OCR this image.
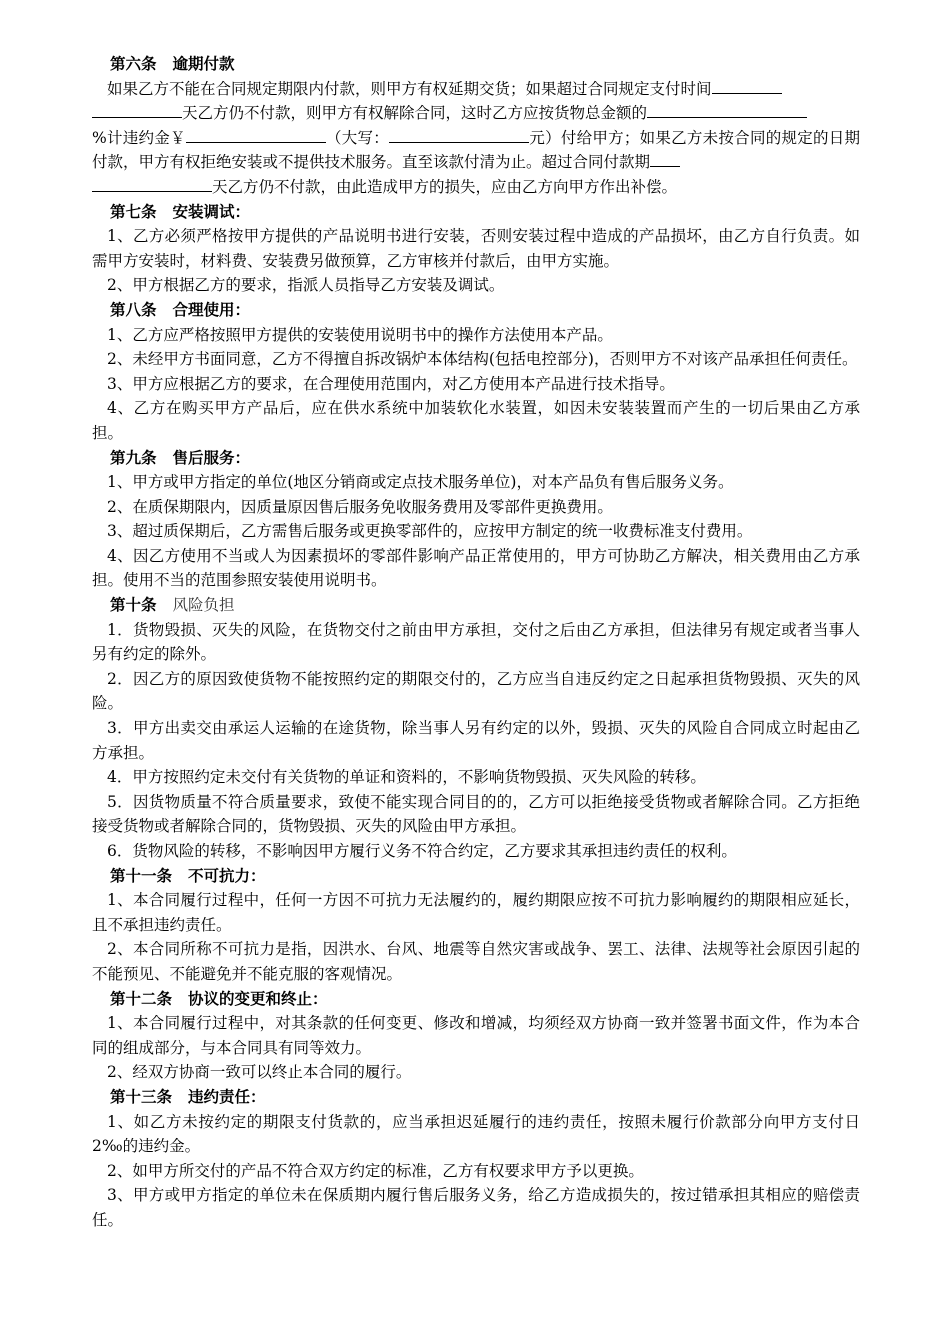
第六条 逾期付款
如果乙方不能在合同规定期限内付款，则甲方有权延期交货；如果超过合同规定支付时间
天乙方仍不付款，则甲方有权解除合同，这时乙方应按货物总金额的
%计违约金￥	（大写：	元）付给甲方；如果乙方未按合同的规定的日期付款，甲方有权拒绝安装或不提供技术服务。直至该款付清为止。超过合同付款期
天乙方仍不付款，由此造成甲方的损失，应由乙方向甲方作出补偿。
第七条 安装调试：
1、乙方必须严格按甲方提供的产品说明书进行安装，否则安装过程中造成的产品损坏，由乙方自行负责。如需甲方安装时，材料费、安装费另做预算，乙方审核并付款后，由甲方实施。
2、甲方根据乙方的要求，指派人员指导乙方安装及调试。
第八条 合理使用：
1、乙方应严格按照甲方提供的安装使用说明书中的操作方法使用本产品。
2、未经甲方书面同意，乙方不得擅自拆改锅炉本体结构(包括电控部分)，否则甲方不对该产品承担任何责任。
3、甲方应根据乙方的要求，在合理使用范围内，对乙方使用本产品进行技术指导。
4、乙方在购买甲方产品后，应在供水系统中加装软化水装置，如因未安装装置而产生的一切后果由乙方承担。
第九条 售后服务：
1、甲方或甲方指定的单位(地区分销商或定点技术服务单位)，对本产品负有售后服务义务。
2、在质保期限内，因质量原因售后服务免收服务费用及零部件更换费用。
3、超过质保期后，乙方需售后服务或更换零部件的，应按甲方制定的统一收费标准支付费用。
4、因乙方使用不当或人为因素损坏的零部件影响产品正常使用的，甲方可协助乙方解决，相关费用由乙方承担。使用不当的范围参照安装使用说明书。
第十条 风险负担
1．货物毁损、灭失的风险，在货物交付之前由甲方承担，交付之后由乙方承担，但法律另有规定或者当事人另有约定的除外。
2．因乙方的原因致使货物不能按照约定的期限交付的，乙方应当自违反约定之日起承担货物毁损、灭失的风险。
3．甲方出卖交由承运人运输的在途货物，除当事人另有约定的以外，毁损、灭失的风险自合同成立时起由乙方承担。
4．甲方按照约定未交付有关货物的单证和资料的，不影响货物毁损、灭失风险的转移。
5．因货物质量不符合质量要求，致使不能实现合同目的的，乙方可以拒绝接受货物或者解除合同。乙方拒绝接受货物或者解除合同的，货物毁损、灭失的风险由甲方承担。
6．货物风险的转移，不影响因甲方履行义务不符合约定，乙方要求其承担违约责任的权利。
第十一条 不可抗力：
1、本合同履行过程中，任何一方因不可抗力无法履约的，履约期限应按不可抗力影响履约的期限相应延长，且不承担违约责任。
2、本合同所称不可抗力是指，因洪水、台风、地震等自然灾害或战争、罢工、法律、法规等社会原因引起的不能预见、不能避免并不能克服的客观情况。
第十二条 协议的变更和终止：
1、本合同履行过程中，对其条款的任何变更、修改和增减，均须经双方协商一致并签署书面文件，作为本合同的组成部分，与本合同具有同等效力。
2、经双方协商一致可以终止本合同的履行。
第十三条 违约责任：
1、如乙方未按约定的期限支付货款的，应当承担迟延履行的违约责任，按照未履行价款部分向甲方支付日2‰的违约金。
2、如甲方所交付的产品不符合双方约定的标准，乙方有权要求甲方予以更换。
3、甲方或甲方指定的单位未在保质期内履行售后服务义务，给乙方造成损失的，按过错承担其相应的赔偿责任。
